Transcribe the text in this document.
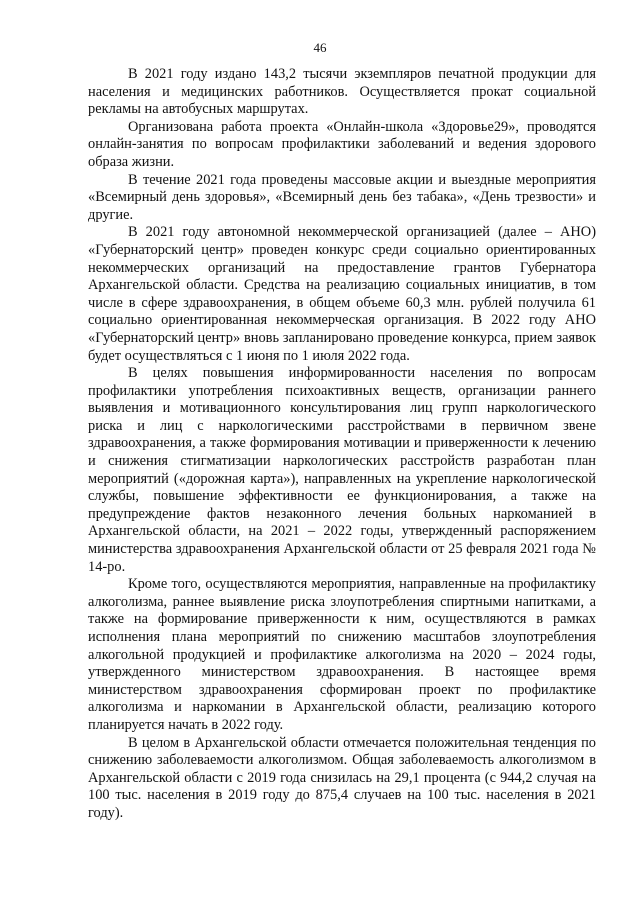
46

В 2021 году издано 143,2 тысячи экземпляров печатной продукции для населения и медицинских работников. Осуществляется прокат социальной рекламы на автобусных маршрутах.

Организована работа проекта «Онлайн-школа «Здоровье29», проводятся онлайн-занятия по вопросам профилактики заболеваний и ведения здорового образа жизни.

В течение 2021 года проведены массовые акции и выездные мероприятия «Всемирный день здоровья», «Всемирный день без табака», «День трезвости» и другие.

В 2021 году автономной некоммерческой организацией (далее – АНО) «Губернаторский центр» проведен конкурс среди социально ориентированных некоммерческих организаций на предоставление грантов Губернатора Архангельской области. Средства на реализацию социальных инициатив, в том числе в сфере здравоохранения, в общем объеме 60,3 млн. рублей получила 61 социально ориентированная некоммерческая организация. В 2022 году АНО «Губернаторский центр» вновь запланировано проведение конкурса, прием заявок будет осуществляться с 1 июня по 1 июля 2022 года.

В целях повышения информированности населения по вопросам профилактики употребления психоактивных веществ, организации раннего выявления и мотивационного консультирования лиц групп наркологического риска и лиц с наркологическими расстройствами в первичном звене здравоохранения, а также формирования мотивации и приверженности к лечению и снижения стигматизации наркологических расстройств разработан план мероприятий («дорожная карта»), направленных на укрепление наркологической службы, повышение эффективности ее функционирования, а также на предупреждение фактов незаконного лечения больных наркоманией в Архангельской области, на 2021 – 2022 годы, утвержденный распоряжением министерства здравоохранения Архангельской области от 25 февраля 2021 года № 14-ро.

Кроме того, осуществляются мероприятия, направленные на профилактику алкоголизма, раннее выявление риска злоупотребления спиртными напитками, а также на формирование приверженности к ним, осуществляются в рамках исполнения плана мероприятий по снижению масштабов злоупотребления алкогольной продукцией и профилактике алкоголизма на 2020 – 2024 годы, утвержденного министерством здравоохранения. В настоящее время министерством здравоохранения сформирован проект по профилактике алкоголизма и наркомании в Архангельской области, реализацию которого планируется начать в 2022 году.

В целом в Архангельской области отмечается положительная тенденция по снижению заболеваемости алкоголизмом. Общая заболеваемость алкоголизмом в Архангельской области с 2019 года снизилась на 29,1 процента (с 944,2 случая на 100 тыс. населения в 2019 году до 875,4 случаев на 100 тыс. населения в 2021 году).
